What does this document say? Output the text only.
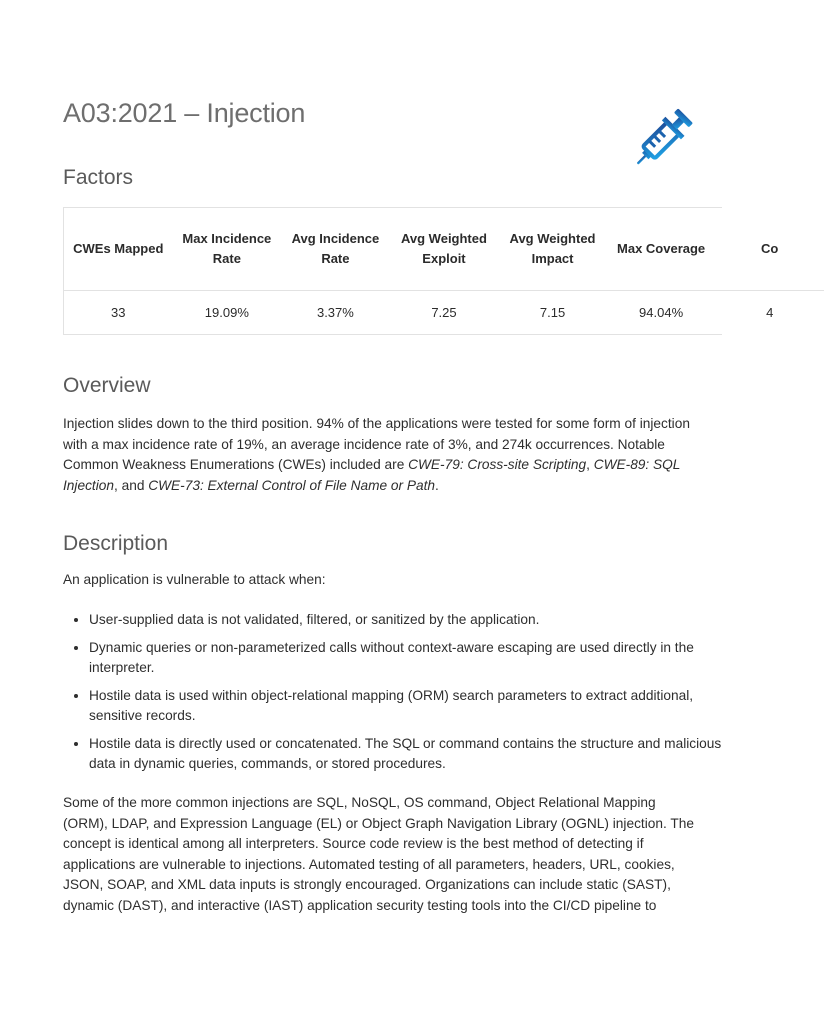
A03:2021 – Injection
Factors
CWEs Mapped	Max Incidence Rate	Avg Incidence Rate	Avg Weighted Exploit	Avg Weighted Impact	Max Coverage	Co
33	19.09%	3.37%	7.25	7.15	94.04%	4
Overview

Injection slides down to the third position. 94% of the applications were tested for some form of injection with a max incidence rate of 19%, an average incidence rate of 3%, and 274k occurrences. Notable Common Weakness Enumerations (CWEs) included are CWE-79: Cross-site Scripting, CWE-89: SQL Injection, and CWE-73: External Control of File Name or Path.

Description

An application is vulnerable to attack when:

• User-supplied data is not validated, filtered, or sanitized by the application.
• Dynamic queries or non-parameterized calls without context-aware escaping are used directly in the interpreter.
• Hostile data is used within object-relational mapping (ORM) search parameters to extract additional, sensitive records.
• Hostile data is directly used or concatenated. The SQL or command contains the structure and malicious data in dynamic queries, commands, or stored procedures.

Some of the more common injections are SQL, NoSQL, OS command, Object Relational Mapping (ORM), LDAP, and Expression Language (EL) or Object Graph Navigation Library (OGNL) injection. The concept is identical among all interpreters. Source code review is the best method of detecting if applications are vulnerable to injections. Automated testing of all parameters, headers, URL, cookies, JSON, SOAP, and XML data inputs is strongly encouraged. Organizations can include static (SAST), dynamic (DAST), and interactive (IAST) application security testing tools into the CI/CD pipeline to
